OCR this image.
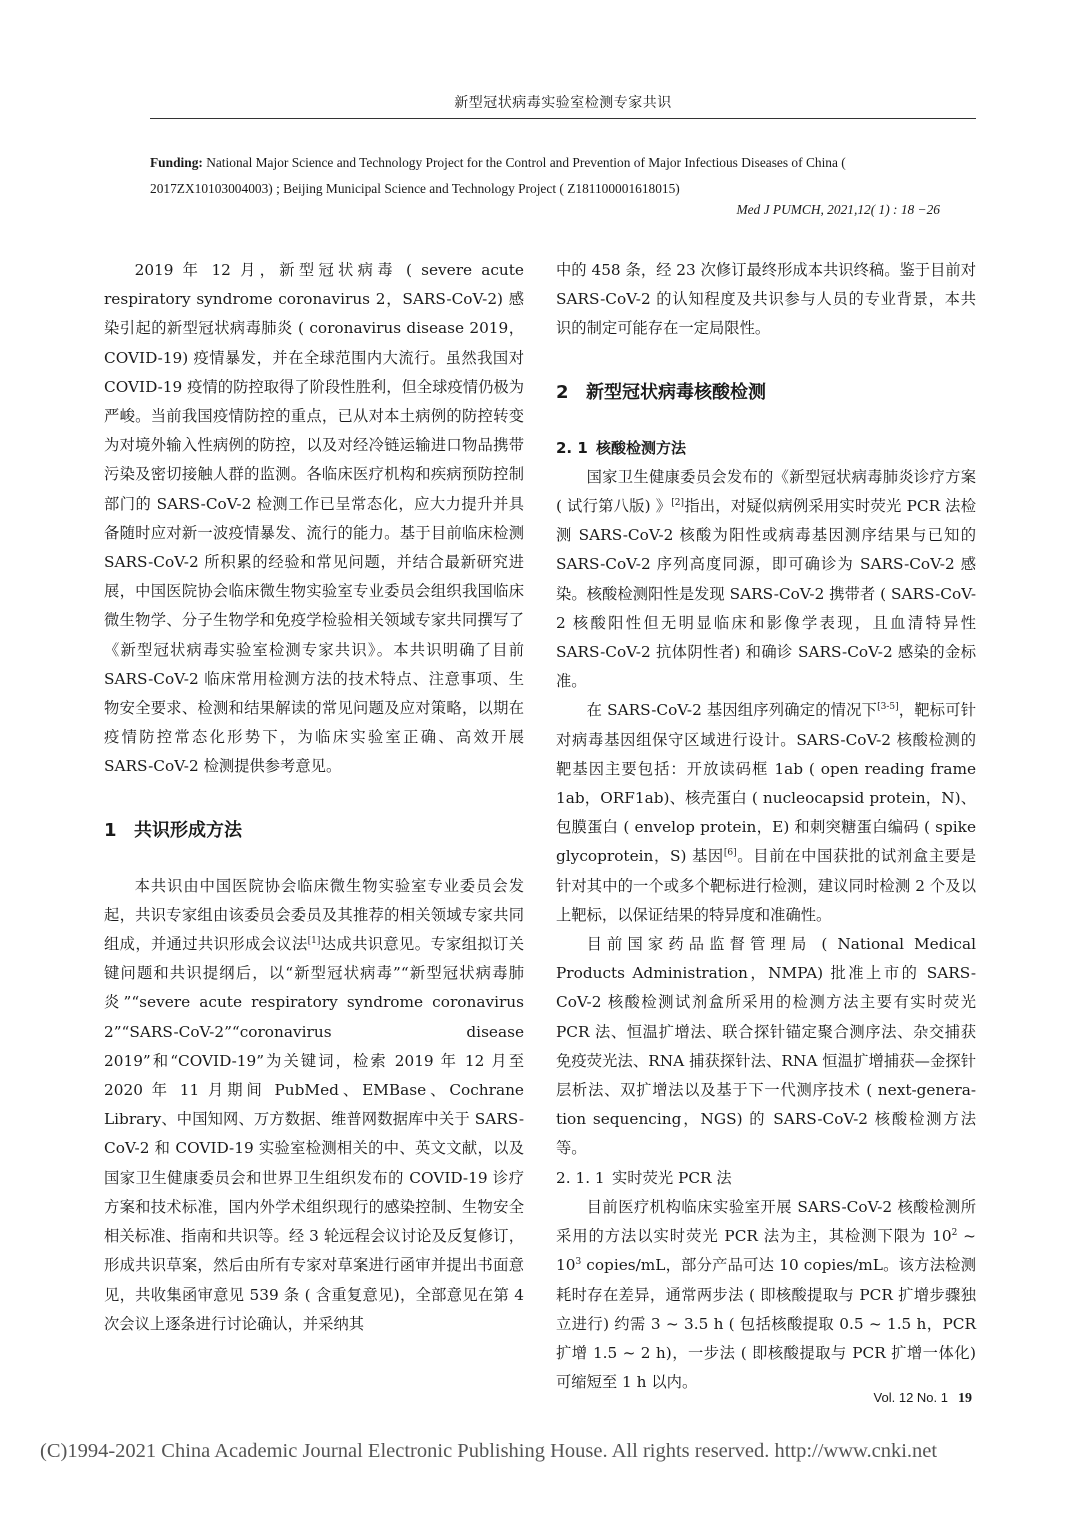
新型冠状病毒实验室检测专家共识
Funding: National Major Science and Technology Project for the Control and Prevention of Major Infectious Diseases of China ( 2017ZX10103004003) ; Beijing Municipal Science and Technology Project ( Z181100001618015)
Med J PUMCH, 2021,12( 1) : 18 −26

2019 年 12 月，新型冠状病毒 ( severe acute respiratory syndrome coronavirus 2，SARS-CoV-2) 感染引起的新型冠状病毒肺炎 ( coronavirus disease 2019，COVID-19) 疫情暴发，并在全球范围内大流行。虽然我国对 COVID-19 疫情的防控取得了阶段性胜利，但全球疫情仍极为严峻。当前我国疫情防控的重点，已从对本土病例的防控转变为对境外输入性病例的防控，以及对经冷链运输进口物品携带污染及密切接触人群的监测。各临床医疗机构和疾病预防控制部门的 SARS-CoV-2 检测工作已呈常态化，应大力提升并具备随时应对新一波疫情暴发、流行的能力。基于目前临床检测 SARS-CoV-2 所积累的经验和常见问题，并结合最新研究进展，中国医院协会临床微生物实验室专业委员会组织我国临床微生物学、分子生物学和免疫学检验相关领域专家共同撰写了《新型冠状病毒实验室检测专家共识》。本共识明确了目前 SARS-CoV-2 临床常用检测方法的技术特点、注意事项、生物安全要求、检测和结果解读的常见问题及应对策略，以期在疫情防控常态化形势下，为临床实验室正确、高效开展 SARS-CoV-2 检测提供参考意见。

1 共识形成方法

本共识由中国医院协会临床微生物实验室专业委员会发起，共识专家组由该委员会委员及其推荐的相关领域专家共同组成，并通过共识形成会议法[1]达成共识意见。专家组拟订关键问题和共识提纲后，以“新型冠状病毒”“新型冠状病毒肺炎”“severe acute respiratory syndrome coronavirus 2”“SARS-CoV-2”“coronavirus disease 2019”和“COVID-19”为关键词，检索 2019 年 12 月至 2020 年 11 月期间 PubMed、EMBase、Cochrane Library、中国知网、万方数据、维普网数据库中关于 SARS-CoV-2 和 COVID-19 实验室检测相关的中、英文文献，以及国家卫生健康委员会和世界卫生组织发布的 COVID-19 诊疗方案和技术标准，国内外学术组织现行的感染控制、生物安全相关标准、指南和共识等。经 3 轮远程会议讨论及反复修订，形成共识草案，然后由所有专家对草案进行函审并提出书面意见，共收集函审意见 539 条 ( 含重复意见)，全部意见在第 4 次会议上逐条进行讨论确认，并采纳其

中的 458 条，经 23 次修订最终形成本共识终稿。鉴于目前对 SARS-CoV-2 的认知程度及共识参与人员的专业背景，本共识的制定可能存在一定局限性。

2 新型冠状病毒核酸检测
2. 1 核酸检测方法

国家卫生健康委员会发布的《新型冠状病毒肺炎诊疗方案 ( 试行第八版) 》[2]指出，对疑似病例采用实时荧光 PCR 法检测 SARS-CoV-2 核酸为阳性或病毒基因测序结果与已知的 SARS-CoV-2 序列高度同源，即可确诊为 SARS-CoV-2 感染。核酸检测阳性是发现 SARS-CoV-2 携带者 ( SARS-CoV-2 核酸阳性但无明显临床和影像学表现，且血清特异性 SARS-CoV-2 抗体阴性者) 和确诊 SARS-CoV-2 感染的金标准。

在 SARS-CoV-2 基因组序列确定的情况下[3-5]，靶标可针对病毒基因组保守区域进行设计。SARS-CoV-2 核酸检测的靶基因主要包括：开放读码框 1ab ( open reading frame 1ab，ORF1ab)、核壳蛋白 ( nucleocapsid protein，N)、包膜蛋白 ( envelop protein，E) 和刺突糖蛋白编码 ( spike glycoprotein，S) 基因[6]。目前在中国获批的试剂盒主要是针对其中的一个或多个靶标进行检测，建议同时检测 2 个及以上靶标，以保证结果的特异度和准确性。

目前国家药品监督管理局 ( National Medical Products Administration，NMPA) 批准上市的 SARS-CoV-2 核酸检测试剂盒所采用的检测方法主要有实时荧光 PCR 法、恒温扩增法、联合探针锚定聚合测序法、杂交捕获免疫荧光法、RNA 捕获探针法、RNA 恒温扩增捕获—金探针层析法、双扩增法以及基于下一代测序技术 ( next-genera-tion sequencing，NGS) 的 SARS-CoV-2 核酸检测方法等。

2. 1. 1 实时荧光 PCR 法

目前医疗机构临床实验室开展 SARS-CoV-2 核酸检测所采用的方法以实时荧光 PCR 法为主，其检测下限为 $10^2$ ~ $10^3$ copies/mL，部分产品可达 10 copies/mL。该方法检测耗时存在差异，通常两步法 ( 即核酸提取与 PCR 扩增步骤独立进行) 约需 3 ~ 3.5 h ( 包括核酸提取 0.5 ~ 1.5 h，PCR 扩增 1.5 ~ 2 h)，一步法 ( 即核酸提取与 PCR 扩增一体化) 可缩短至 1 h 以内。

Vol. 12 No. 1 19
(C)1994-2021 China Academic Journal Electronic Publishing House. All rights reserved. http://www.cnki.net
